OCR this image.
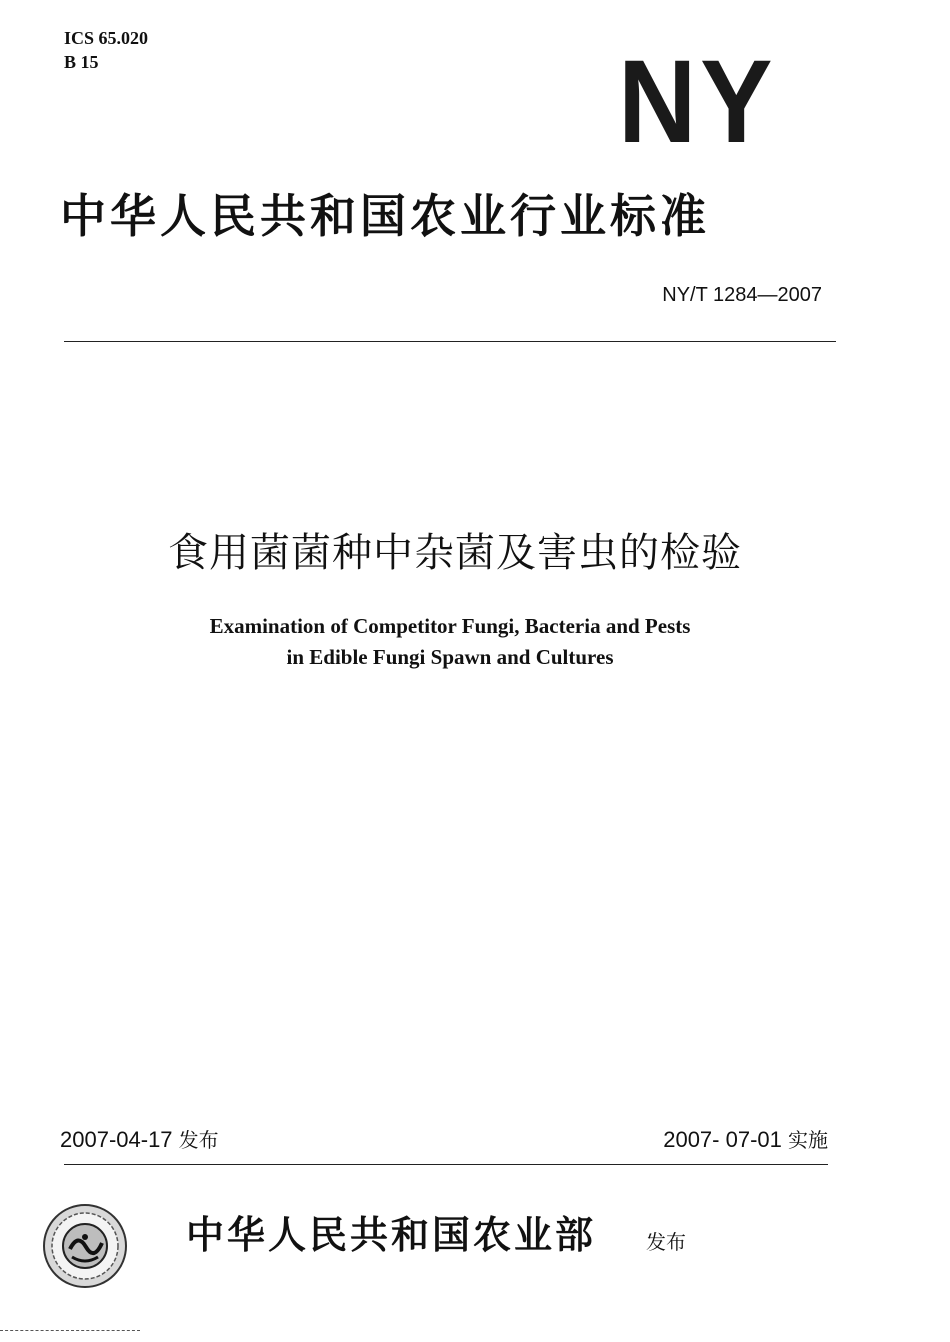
ICS 65.020
B 15	NY
中华人民共和国农业行业标准
NY/T 1284—2007
食用菌菌种中杂菌及害虫的检验
Examination of Competitor Fungi, Bacteria and Pests
in Edible Fungi Spawn and Cultures
2007-04-17 发布	2007- 07-01 实施
中华人民共和国农业部 发布
